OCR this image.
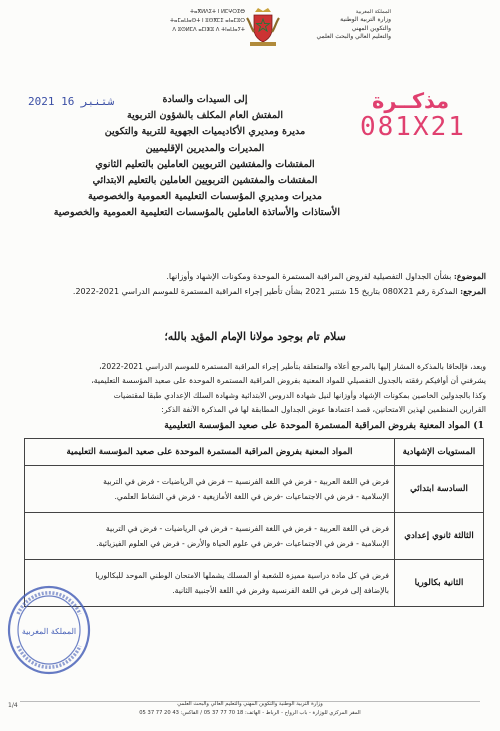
ⵜⴰⴳⵍⴷⵉⵜ ⵏ ⵍⵎⵖⵔⵉⴱ
ⵜⴰⵎⴰⵡⴰⵙⵜ ⵏ ⵓⵙⴳⵎⵉ ⴰⵏⴰⵎⵓⵔ
ⴷ ⵓⵙⵍⵎⴷ ⴰⵎⵏⵣⵓ ⴷ ⵜⵏⴰⵡⴰⵢⵜ
المملكة المغربية
وزارة التربية الوطنية
والتكوين المهني
والتعليم العالي والبحث العلمي
2021 شتنبر 16	مذكــرة
081X21
إلى السيدات والسادة
المفتش العام المكلف بالشؤون التربوية
مديرة ومديري الأكاديميات الجهوية للتربية والتكوين
المديرات والمديرين الإقليميين
المفتشات والمفتشين التربويين العاملين بالتعليم الثانوي
المفتشات والمفتشين التربويين العاملين بالتعليم الابتدائي
مديرات ومديري المؤسسات التعليمية العمومية والخصوصية
الأستاذات والأساتذة العاملين بالمؤسسات التعليمية العمومية والخصوصية
الموضوع: بشأن الجداول التفصيلية لفروض المراقبة المستمرة الموحدة ومكونات الإشهاد وأوزانها.
المرجع: المذكرة رقم 080X21 بتاريخ 15 شتنبر 2021 بشأن تأطير إجراء المراقبة المستمرة للموسم الدراسي 2021-2022.
سلام تام بوجود مولانا الإمام المؤيد بالله؛
وبعد، فإلحاقا بالمذكرة المشار إليها بالمرجع أعلاه والمتعلقة بتأطير إجراء المراقبة المستمرة للموسم الدراسي 2021-2022،
يشرفني أن أوافيكم رفقته بالجدول التفصيلي للمواد المعنية بفروض المراقبة المستمرة الموحدة على صعيد المؤسسة التعليمية،
وكذا بالجدولين الخاصين بمكونات الإشهاد وأوزانها لنيل شهادة الدروس الابتدائية وشهادة السلك الإعدادي طبقا لمقتضيات
القرارين المنظمين لهذين الامتحانين، قصد اعتمادها عوض الجداول المطابقة لها في المذكرة الآنفة الذكر:
1) المواد المعنية بفروض المراقبة المستمرة الموحدة على صعيد المؤسسة التعليمية
المستويات الإشهادية	المواد المعنية بفروض المراقبة المستمرة الموحدة على صعيد المؤسسة التعليمية
السادسة ابتدائي	فرض في اللغة العربية - فرض في اللغة الفرنسية -- فرض في الرياضيات - فرض في التربية
الإسلامية - فرض في الاجتماعيات -فرض في اللغة الأمازيغية - فرض في النشاط العلمي.

الثالثة ثانوي إعدادي	فرض في اللغة العربية - فرض في اللغة الفرنسية - فرض في الرياضيات - فرض في التربية
الإسلامية - فرض في الاجتماعيات -فرض في علوم الحياة والأرض - فرض في العلوم الفيزيائية.

الثانية بكالوريا	فرض في كل مادة دراسية مميزة للشعبة أو المسلك يشملها الامتحان الوطني الموحد للبكالوريا
بالإضافة إلى فرض في اللغة الفرنسية وفرض في اللغة الأجنبية الثانية.
المملكة المغربية
وزارة التربية الوطنية والتكوين المهني والتعليم العالي والبحث العلمي
المقر المركزي للوزارة - باب الرواح - الرباط - الهاتف: 18 70 77 37 05 / الفاكس: 43 20 77 37 05
1/4
